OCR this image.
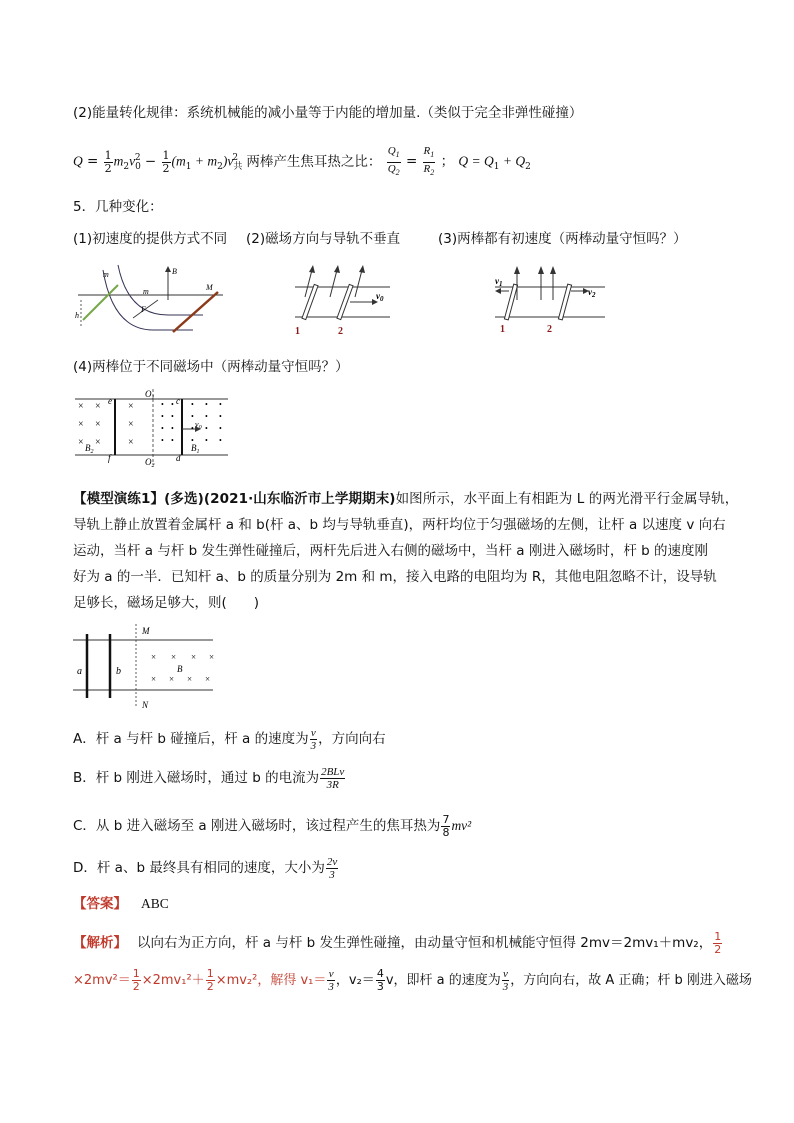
(2)能量转化规律：系统机械能的减小量等于内能的增加量.（类似于完全非弹性碰撞）
$Q = \frac{1}{2} m_2v_0^2 - \frac{1}{2} (m_1 + m_2)v_共^2$ 两棒产生焦耳热之比： $\frac{Q_1}{Q_2} = \frac{R_1}{R_2}$ ； $Q = Q_1 + Q_2$
5．几种变化：
(1)初速度的提供方式不同 (2)磁场方向与导轨不垂直	(3)两棒都有初速度（两棒动量守恒吗？）
m
m
B
M
F
h
$v_0$
1	2
$v_1$
$v_2$
1	2
(4)两棒位于不同磁场中（两棒动量守恒吗？）
×
×
×
×
×
×
×
×
×
•
•
•
•
•
•
•
•
•
•
•
•
•
•
•
•
•
•
•
•
$O_1$
$O_2$
e
f
c
d
$B_2$	$B_1$
$v_0$
【模型演练1】(多选)(2021·山东临沂市上学期期末)如图所示，水平面上有相距为 L 的两光滑平行金属导轨，
导轨上静止放置着金属杆 a 和 b(杆 a、b 均与导轨垂直)，两杆均位于匀强磁场的左侧，让杆 a 以速度 v 向右
运动，当杆 a 与杆 b 发生弹性碰撞后，两杆先后进入右侧的磁场中，当杆 a 刚进入磁场时，杆 b 的速度刚
好为 a 的一半．已知杆 a、b 的质量分别为 2m 和 m，接入电路的电阻均为 R，其他电阻忽略不计，设导轨
足够长，磁场足够大，则(　　)
× × × ×
× × × ×
M
N
a	b	B
A．杆 a 与杆 b 碰撞后，杆 a 的速度为 $\frac{v}{3}$ ，方向向右
B．杆 b 刚进入磁场时，通过 b 的电流为 $\frac{\text{2BLv}}{3R}$
C．从 b 进入磁场至 a 刚进入磁场时，该过程产生的焦耳热为 $\frac{7}{8} mv^2$
D．杆 a、b 最终具有相同的速度，大小为 $\frac{2v}{3}$
【答案】 ABC
【解析】 以向右为正方向，杆 a 与杆 b 发生弹性碰撞，由动量守恒和机械能守恒得 2mv＝2mv₁＋mv₂， $\frac{1}{2}$
$\times 2mv^2= \frac{1}{2} \times 2mv_1^2+ \frac{1}{2} \times mv_2^2$，解得 $v_1= \frac{v}{3}$ ，$v_2= \frac{4}{3}$ v，即杆 a 的速度为 $\frac{v}{3}$ ，方向向右，故 A 正确；杆 b 刚进入磁场
